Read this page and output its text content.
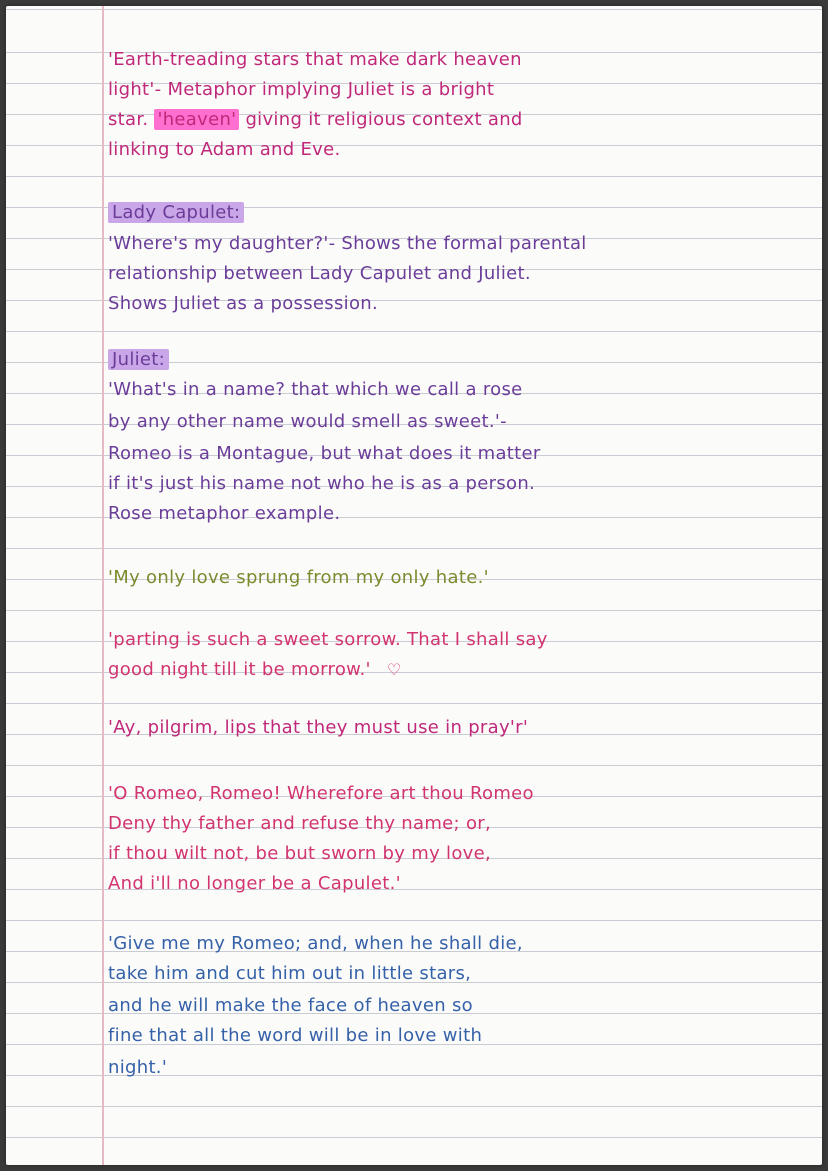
'Earth-treading stars that make dark heaven
light'- Metaphor implying Juliet is a bright
star. 'heaven' giving it religious context and
linking to Adam and Eve.
Lady Capulet:
'Where's my daughter?'- Shows the formal parental
relationship between Lady Capulet and Juliet.
Shows Juliet as a possession.
Juliet:
'What's in a name? that which we call a rose
by any other name would smell as sweet.'-
Romeo is a Montague, but what does it matter
if it's just his name not who he is as a person.
Rose metaphor example.
'My only love sprung from my only hate.'
'parting is such a sweet sorrow. That I shall say
good night till it be morrow.' ♡
'Ay, pilgrim, lips that they must use in pray'r'
'O Romeo, Romeo! Wherefore art thou Romeo
Deny thy father and refuse thy name; or,
if thou wilt not, be but sworn by my love,
And i'll no longer be a Capulet.'
'Give me my Romeo; and, when he shall die,
take him and cut him out in little stars,
and he will make the face of heaven so
fine that all the word will be in love with
night.'
